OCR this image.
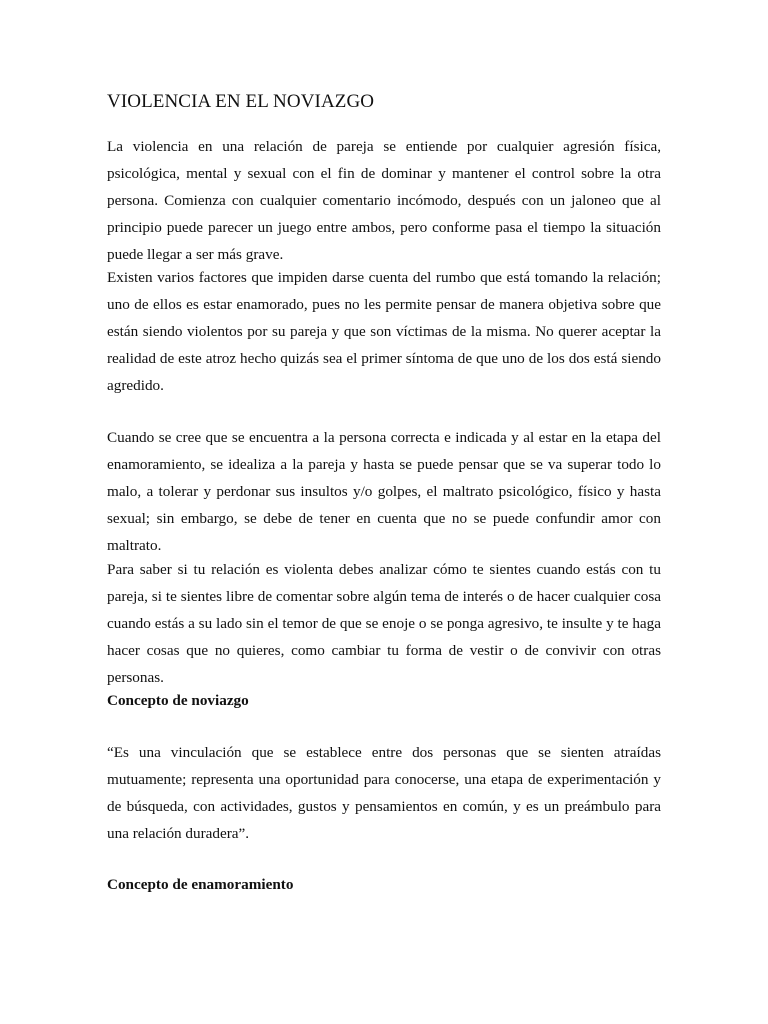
VIOLENCIA EN EL NOVIAZGO

La violencia en una relación de pareja se entiende por cualquier agresión física, psicológica, mental y sexual con el fin de dominar y mantener el control sobre la otra persona. Comienza con cualquier comentario incómodo, después con un jaloneo que al principio puede parecer un juego entre ambos, pero conforme pasa el tiempo la situación puede llegar a ser más grave.

Existen varios factores que impiden darse cuenta del rumbo que está tomando la relación; uno de ellos es estar enamorado, pues no les permite pensar de manera objetiva sobre que están siendo violentos por su pareja y que son víctimas de la misma. No querer aceptar la realidad de este atroz hecho quizás sea el primer síntoma de que uno de los dos está siendo agredido.

Cuando se cree que se encuentra a la persona correcta e indicada y al estar en la etapa del enamoramiento, se idealiza a la pareja y hasta se puede pensar que se va superar todo lo malo, a tolerar y perdonar sus insultos y/o golpes, el maltrato psicológico, físico y hasta sexual; sin embargo, se debe de tener en cuenta que no se puede confundir amor con maltrato.

Para saber si tu relación es violenta debes analizar cómo te sientes cuando estás con tu pareja, si te sientes libre de comentar sobre algún tema de interés o de hacer cualquier cosa cuando estás a su lado sin el temor de que se enoje o se ponga agresivo, te insulte y te haga hacer cosas que no quieres, como cambiar tu forma de vestir o de convivir con otras personas.

Concepto de noviazgo

“Es una vinculación que se establece entre dos personas que se sienten atraídas mutuamente; representa una oportunidad para conocerse, una etapa de experimentación y de búsqueda, con actividades, gustos y pensamientos en común, y es un preámbulo para una relación duradera”.

Concepto de enamoramiento
